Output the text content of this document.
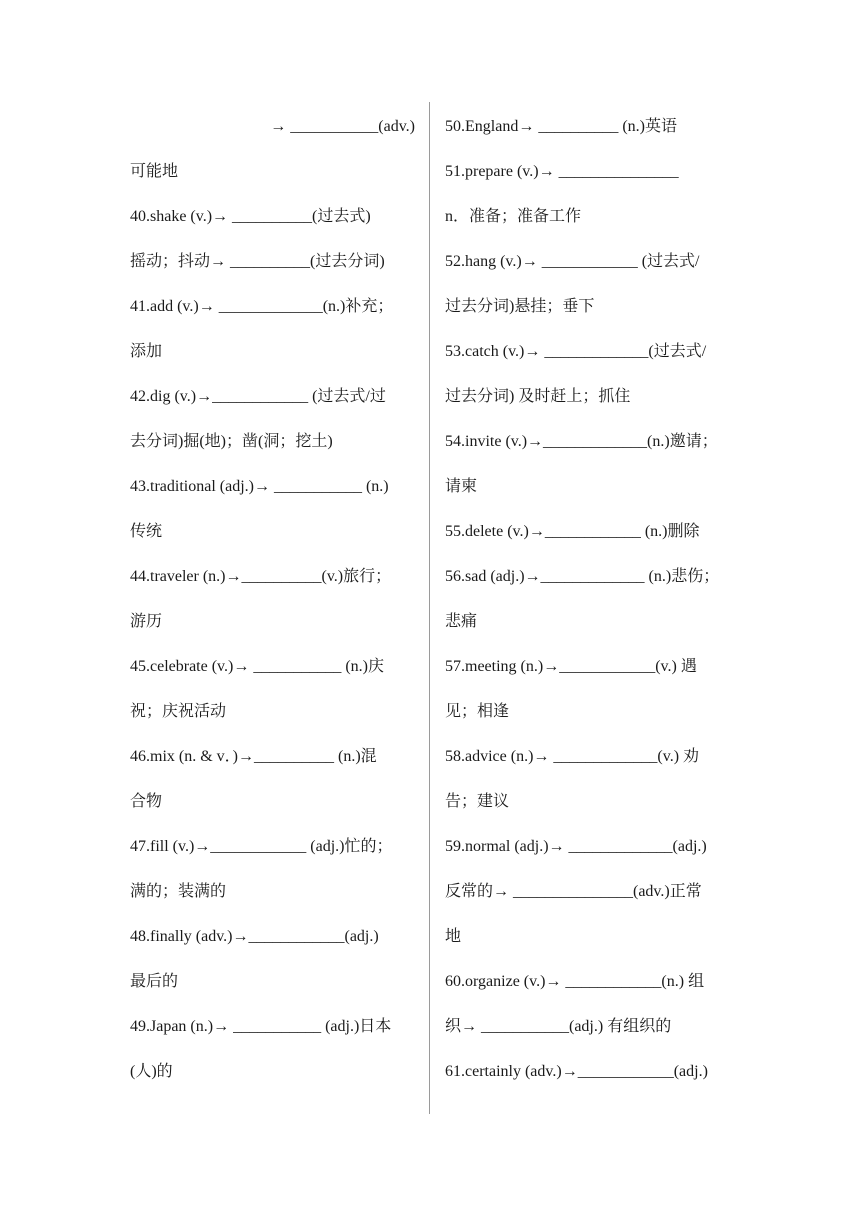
→ ___________(adv.)
可能地
40.shake (v.)→ __________(过去式)
摇动；抖动→ __________(过去分词)
41.add (v.)→ _____________(n.)补充；
添加
42.dig (v.)→____________ (过去式/过
去分词)掘(地)；凿(洞；挖土)
43.traditional (adj.)→ ___________ (n.)
传统
44.traveler (n.)→__________(v.)旅行；
游历
45.celebrate (v.)→ ___________ (n.)庆
祝；庆祝活动
46.mix (n. & v．)→__________ (n.)混
合物
47.fill (v.)→____________ (adj.)忙的；
满的；装满的
48.finally (adv.)→____________(adj.)
最后的
49.Japan (n.)→ ___________ (adj.)日本
(人)的
50.England→ __________ (n.)英语
51.prepare (v.)→ _______________
n．准备；准备工作
52.hang (v.)→ ____________ (过去式/
过去分词)悬挂；垂下
53.catch (v.)→ _____________(过去式/
过去分词) 及时赶上；抓住
54.invite (v.)→_____________(n.)邀请；
请柬
55.delete (v.)→____________ (n.)删除
56.sad (adj.)→_____________ (n.)悲伤；
悲痛
57.meeting (n.)→____________(v.) 遇
见；相逢
58.advice (n.)→ _____________(v.) 劝
告；建议
59.normal (adj.)→ _____________(adj.)
反常的→ _______________(adv.)正常
地
60.organize (v.)→ ____________(n.) 组
织→ ___________(adj.) 有组织的
61.certainly (adv.)→____________(adj.)
